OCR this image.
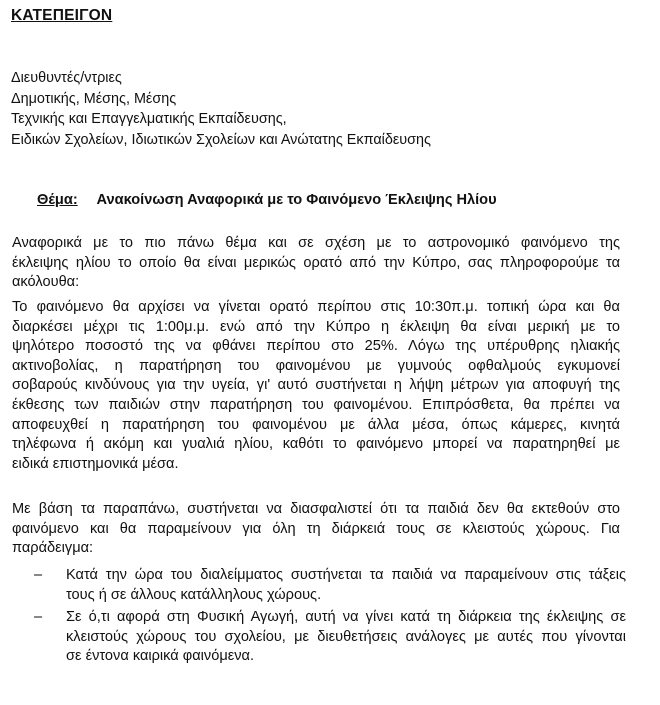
ΚΑΤΕΠΕΙΓΟΝ
Διευθυντές/ντριες
Δημοτικής, Μέσης, Μέσης
Τεχνικής και Επαγγελματικής Εκπαίδευσης,
Ειδικών Σχολείων, Ιδιωτικών Σχολείων και Ανώτατης Εκπαίδευσης
Θέμα: Ανακοίνωση Αναφορικά με το Φαινόμενο Έκλειψης Ηλίου
Αναφορικά με το πιο πάνω θέμα και σε σχέση με το αστρονομικό φαινόμενο της
έκλειψης ηλίου το οποίο θα είναι μερικώς ορατό από την Κύπρο, σας πληροφορούμε τα
ακόλουθα:
Το φαινόμενο θα αρχίσει να γίνεται ορατό περίπου στις 10:30π.μ. τοπική ώρα και θα
διαρκέσει μέχρι τις 1:00μ.μ. ενώ από την Κύπρο η έκλειψη θα είναι μερική με το
ψηλότερο ποσοστό της να φθάνει περίπου στο 25%. Λόγω της υπέρυθρης ηλιακής
ακτινοβολίας, η παρατήρηση του φαινομένου με γυμνούς οφθαλμούς εγκυμονεί
σοβαρούς κινδύνους για την υγεία, γι' αυτό συστήνεται η λήψη μέτρων για αποφυγή της
έκθεσης των παιδιών στην παρατήρηση του φαινομένου. Επιπρόσθετα, θα πρέπει να
αποφευχθεί η παρατήρηση του φαινομένου με άλλα μέσα, όπως κάμερες, κινητά
τηλέφωνα ή ακόμη και γυαλιά ηλίου, καθότι το φαινόμενο μπορεί να παρατηρηθεί με
ειδικά επιστημονικά μέσα.
Με βάση τα παραπάνω, συστήνεται να διασφαλιστεί ότι τα παιδιά δεν θα εκτεθούν στο
φαινόμενο και θα παραμείνουν για όλη τη διάρκειά τους σε κλειστούς χώρους. Για
παράδειγμα:
– Κατά την ώρα του διαλείμματος συστήνεται τα παιδιά να παραμείνουν στις τάξεις
τους ή σε άλλους κατάλληλους χώρους.
– Σε ό,τι αφορά στη Φυσική Αγωγή, αυτή να γίνει κατά τη διάρκεια της έκλειψης σε
κλειστούς χώρους του σχολείου, με διευθετήσεις ανάλογες με αυτές που γίνονται
σε έντονα καιρικά φαινόμενα.
